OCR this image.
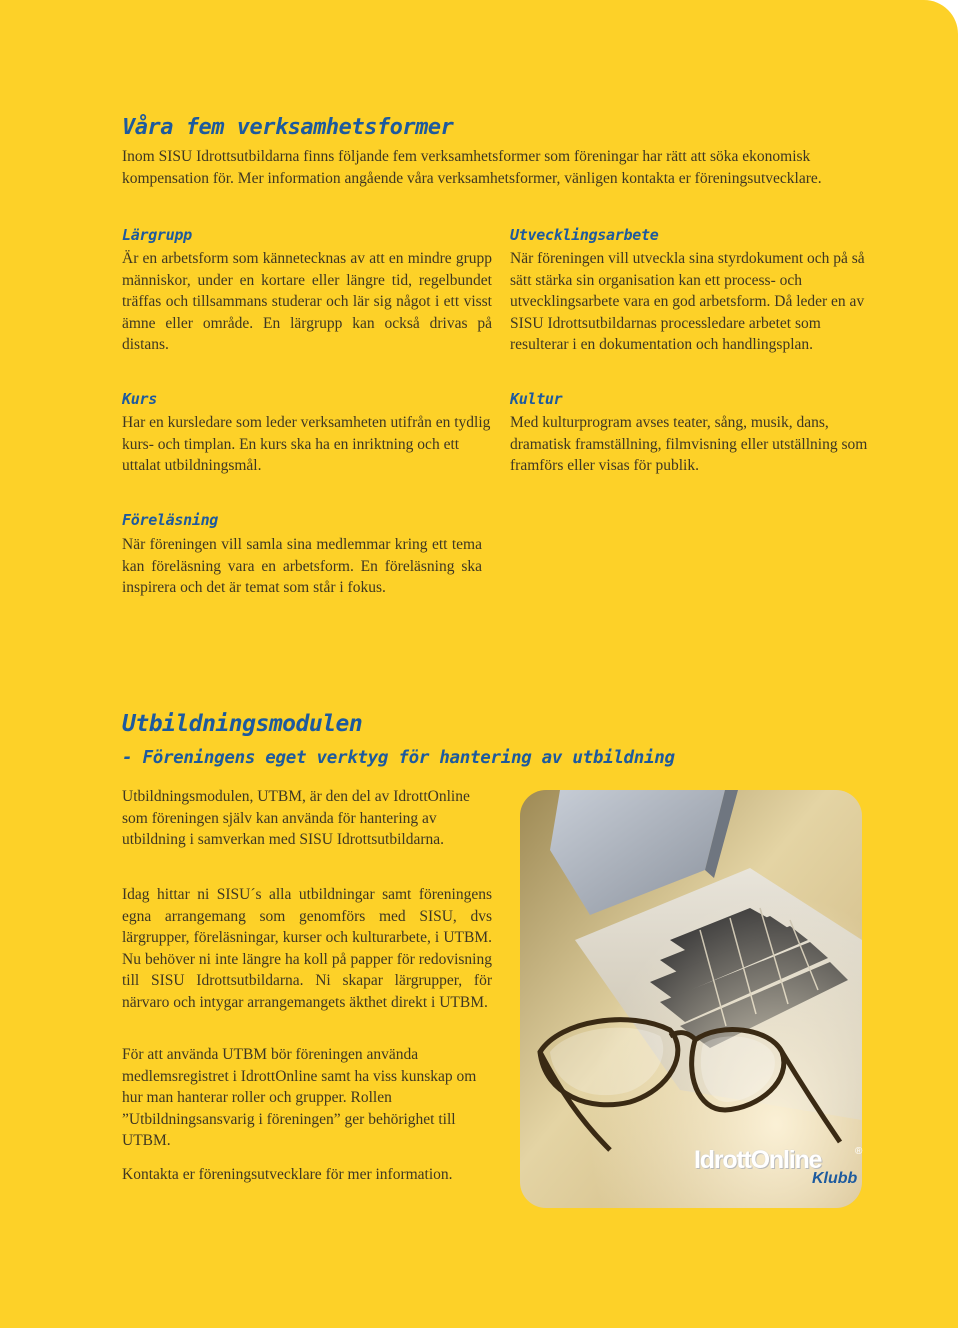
Våra fem verksamhetsformer

Inom SISU Idrottsutbildarna finns följande fem verksamhetsformer som föreningar har rätt att söka ekonomisk kompensation för. Mer information angående våra verksamhetsformer, vänligen kontakta er föreningsutvecklare.

Lärgrupp

Är en arbetsform som kännetecknas av att en mindre grupp människor, under en kortare eller längre tid, regelbundet träffas och tillsammans studerar och lär sig något i ett visst ämne eller område. En lärgrupp kan också drivas på distans.

Utvecklingsarbete

När föreningen vill utveckla sina styrdokument och på så sätt stärka sin organisation kan ett process- och utvecklingsarbete vara en god arbetsform. Då leder en av SISU Idrottsutbildarnas processledare arbetet som resulterar i en dokumentation och handlingsplan.

Kurs

Har en kursledare som leder verksamheten utifrån en tydlig kurs- och timplan. En kurs ska ha en inriktning och ett uttalat utbildningsmål.

Kultur

Med kulturprogram avses teater, sång, musik, dans, dramatisk framställning, filmvisning eller utställning som framförs eller visas för publik.

Föreläsning

När föreningen vill samla sina medlemmar kring ett tema kan föreläsning vara en arbetsform. En föreläsning ska inspirera och det är temat som står i fokus.

Utbildningsmodulen
- Föreningens eget verktyg för hantering av utbildning

Utbildningsmodulen, UTBM, är den del av IdrottOnline som föreningen själv kan använda för hantering av utbildning i samverkan med SISU Idrottsutbildarna.

Idag hittar ni SISU´s alla utbildningar samt föreningens egna arrangemang som genomförs med SISU, dvs lärgrupper, föreläsningar, kurser och kulturarbete, i UTBM. Nu behöver ni inte längre ha koll på papper för redovisning till SISU Idrottsutbildarna. Ni skapar lärgrupper, för närvaro och intygar arrangemangets äkthet direkt i UTBM.

För att använda UTBM bör föreningen använda medlemsregistret i IdrottOnline samt ha viss kunskap om hur man hanterar roller och grupper. Rollen ”Utbildningsansvarig i föreningen” ger behörighet till UTBM.

Kontakta er föreningsutvecklare för mer information.

IdrottOnline	®
Klubb
